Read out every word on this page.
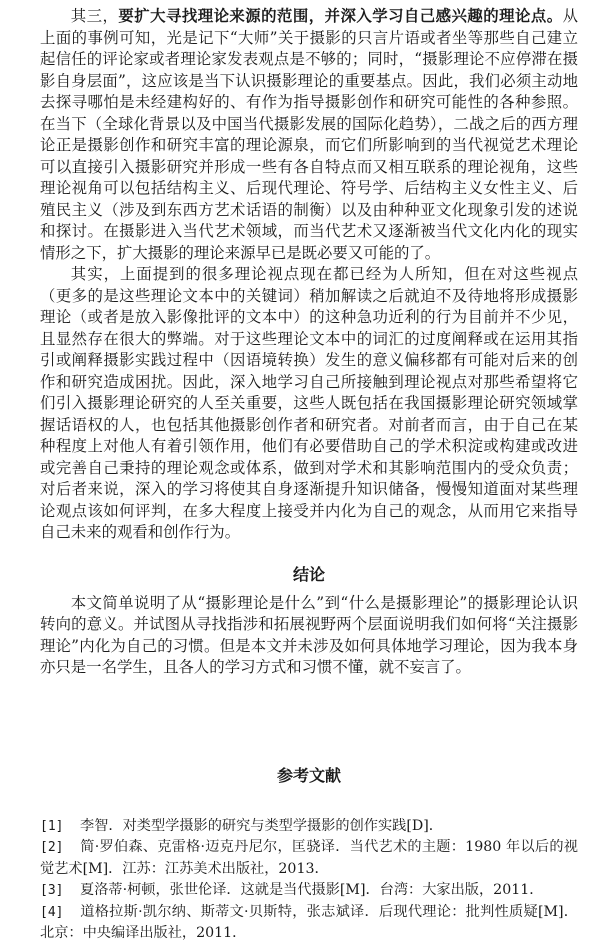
其三，要扩大寻找理论来源的范围，并深入学习自己感兴趣的理论点。从上面的事例可知，光是记下“大师”关于摄影的只言片语或者坐等那些自己建立起信任的评论家或者理论家发表观点是不够的；同时，“摄影理论不应停滞在摄影自身层面”，这应该是当下认识摄影理论的重要基点。因此，我们必须主动地去探寻哪怕是未经建构好的、有作为指导摄影创作和研究可能性的各种参照。在当下（全球化背景以及中国当代摄影发展的国际化趋势），二战之后的西方理论正是摄影创作和研究丰富的理论源泉，而它们所影响到的当代视觉艺术理论可以直接引入摄影研究并形成一些有各自特点而又相互联系的理论视角，这些理论视角可以包括结构主义、后现代理论、符号学、后结构主义女性主义、后殖民主义（涉及到东西方艺术话语的制衡）以及由种种亚文化现象引发的述说和探讨。在摄影进入当代艺术领域，而当代艺术又逐渐被当代文化内化的现实情形之下，扩大摄影的理论来源早已是既必要又可能的了。

其实，上面提到的很多理论视点现在都已经为人所知，但在对这些视点（更多的是这些理论文本中的关键词）稍加解读之后就迫不及待地将形成摄影理论（或者是放入影像批评的文本中）的这种急功近利的行为目前并不少见，且显然存在很大的弊端。对于这些理论文本中的词汇的过度阐释或在运用其指引或阐释摄影实践过程中（因语境转换）发生的意义偏移都有可能对后来的创作和研究造成困扰。因此，深入地学习自己所接触到理论视点对那些希望将它们引入摄影理论研究的人至关重要，这些人既包括在我国摄影理论研究领域掌握话语权的人，也包括其他摄影创作者和研究者。对前者而言，由于自己在某种程度上对他人有着引领作用，他们有必要借助自己的学术积淀或构建或改进或完善自己秉持的理论观念或体系，做到对学术和其影响范围内的受众负责；对后者来说，深入的学习将使其自身逐渐提升知识储备，慢慢知道面对某些理论观点该如何评判，在多大程度上接受并内化为自己的观念，从而用它来指导自己未来的观看和创作行为。

结论

本文简单说明了从“摄影理论是什么”到“什么是摄影理论”的摄影理论认识转向的意义。并试图从寻找指涉和拓展视野两个层面说明我们如何将“关注摄影理论”内化为自己的习惯。但是本文并未涉及如何具体地学习理论，因为我本身亦只是一名学生，且各人的学习方式和习惯不懂，就不妄言了。

参考文献
[1] 李智．对类型学摄影的研究与类型学摄影的创作实践[D]．
[2] 简·罗伯森、克雷格·迈克丹尼尔，匡骁译．当代艺术的主题：1980 年以后的视觉艺术[M]．江苏：江苏美术出版社，2013．
[3] 夏洛蒂·柯顿，张世伦译．这就是当代摄影[M]．台湾：大家出版，2011．
[4] 道格拉斯·凯尔纳、斯蒂文·贝斯特，张志斌译．后现代理论：批判性质疑[M]．北京：中央编译出版社，2011．
